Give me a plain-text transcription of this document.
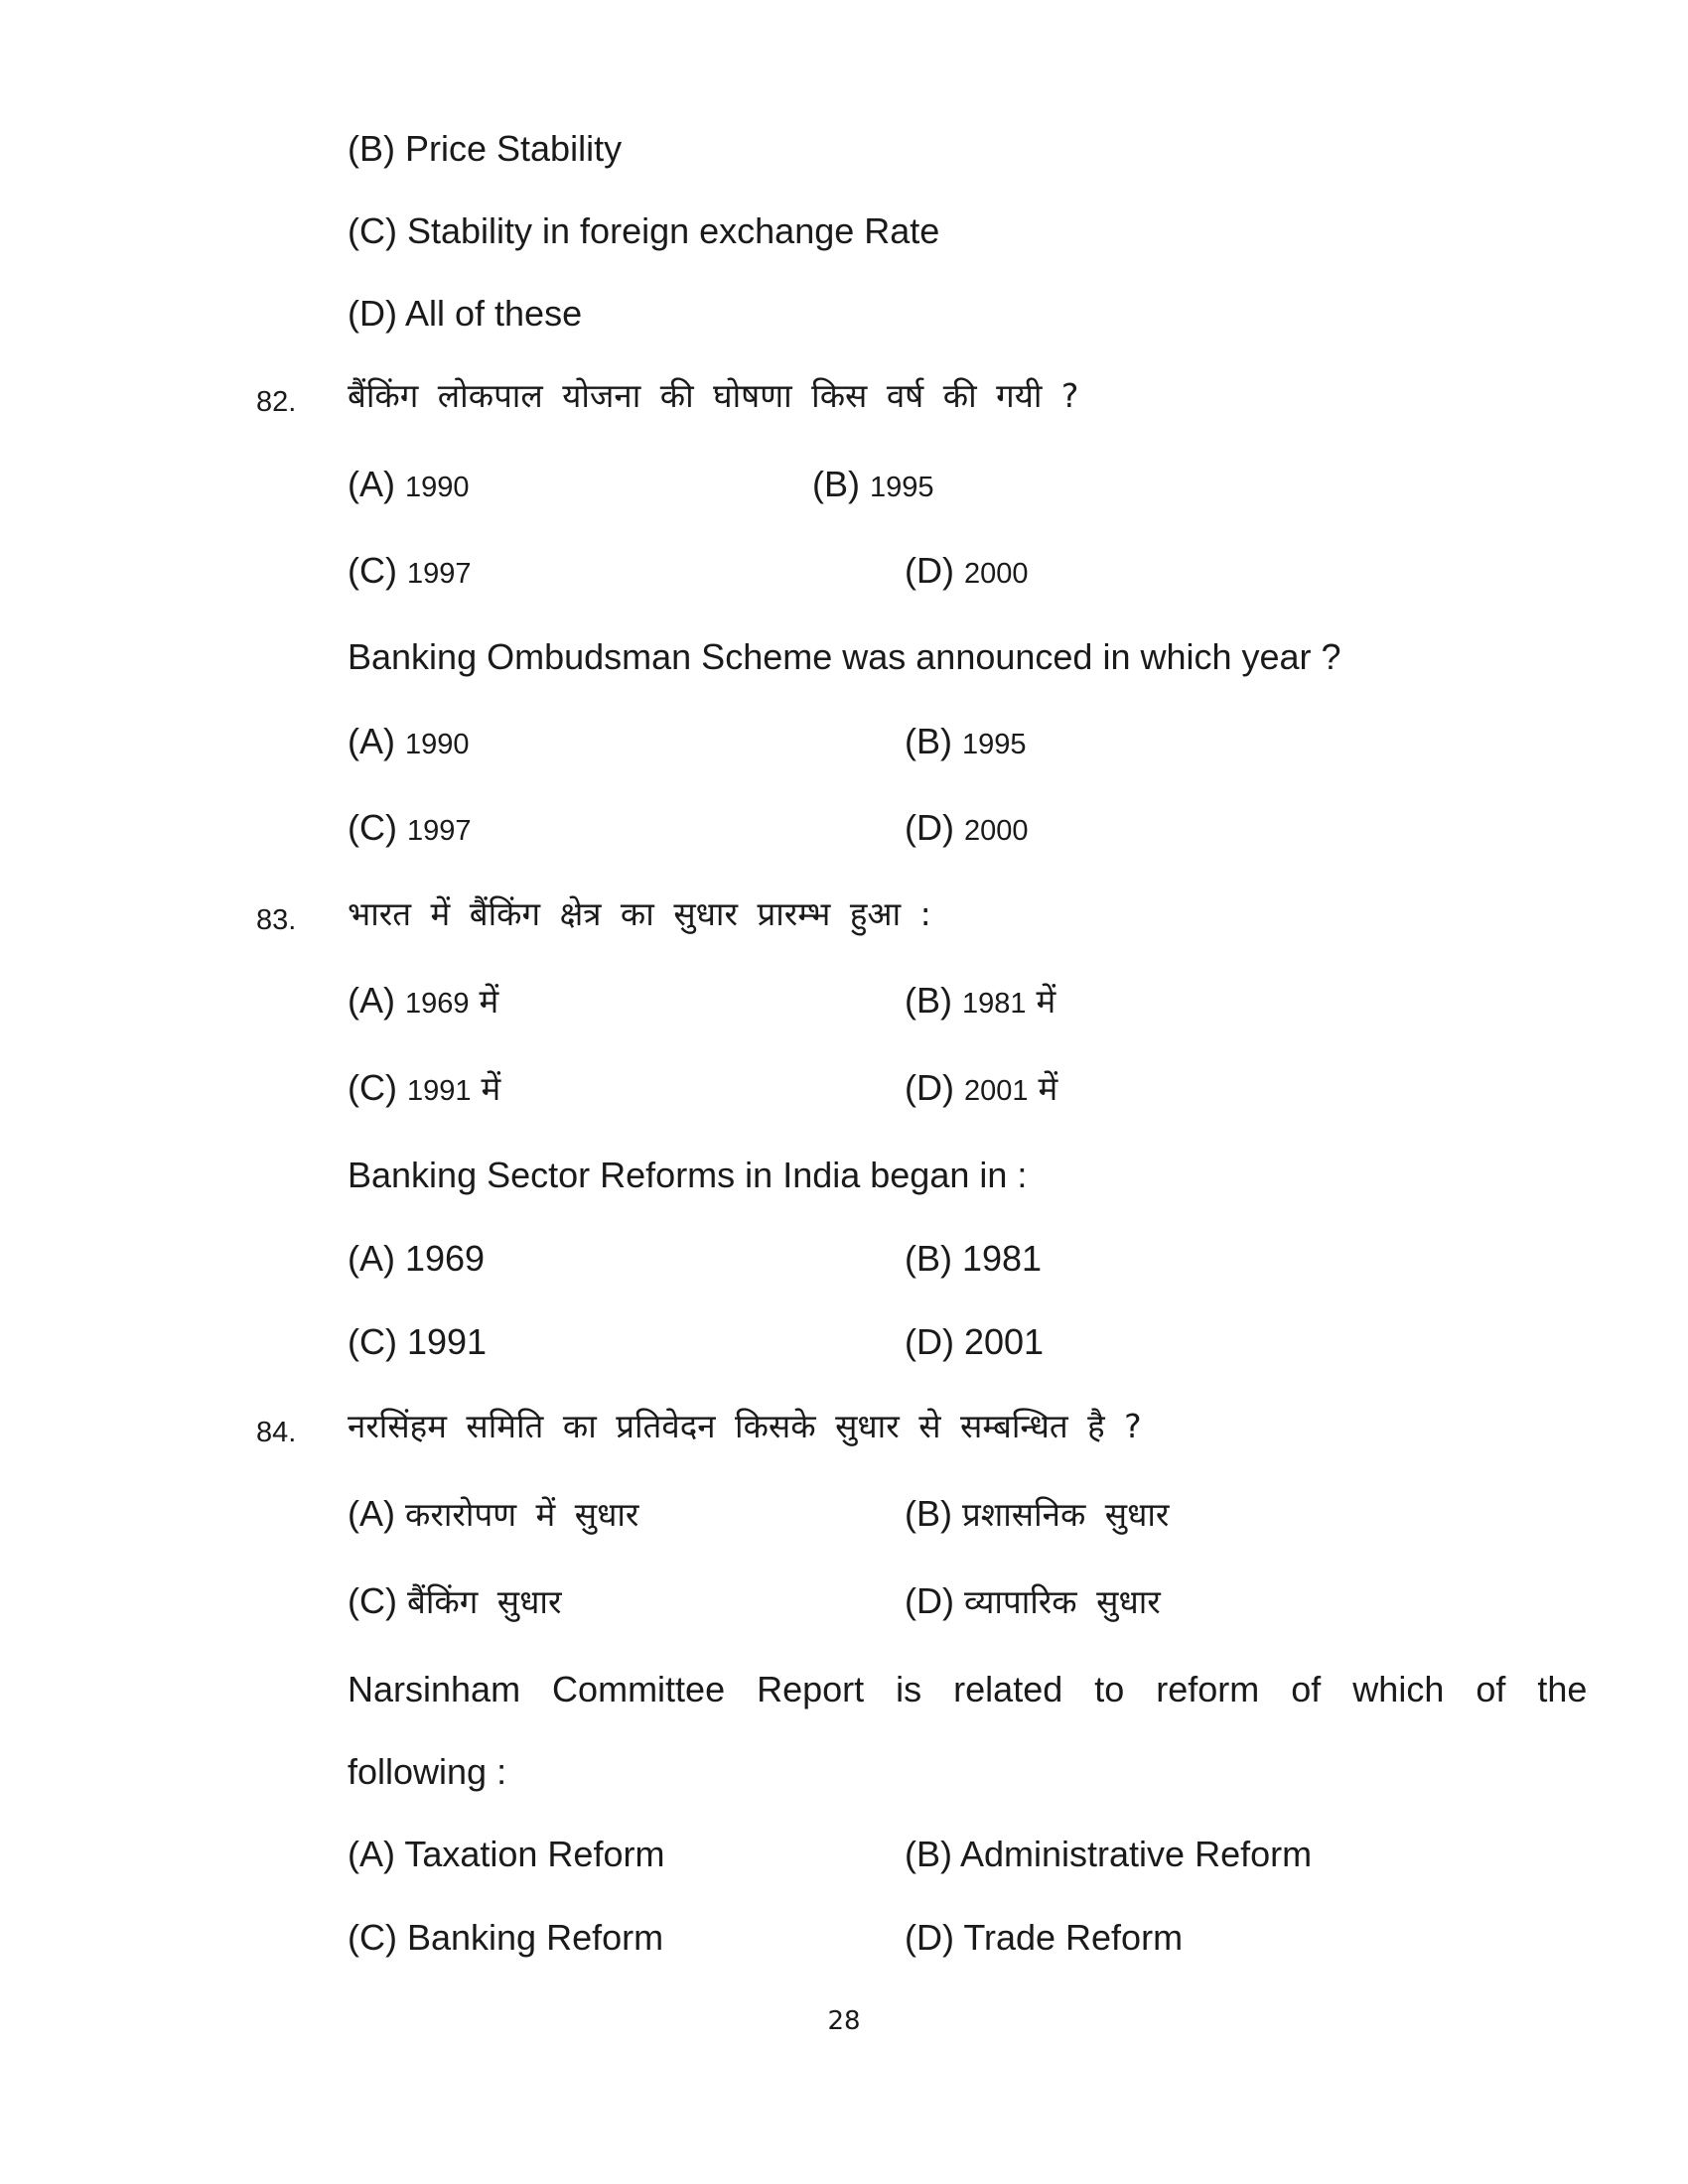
(B) Price Stability
(C) Stability in foreign exchange Rate
(D) All of these
82. बैंकिंग लोकपाल योजना की घोषणा किस वर्ष की गयी ?
(A) 1990	(B) 1995
(C) 1997	(D) 2000
Banking Ombudsman Scheme was announced in which year ?
(A) 1990	(B) 1995
(C) 1997	(D) 2000
83. भारत में बैंकिंग क्षेत्र का सुधार प्रारम्भ हुआ :
(A) 1969 में	(B) 1981 में
(C) 1991 में	(D) 2001 में
Banking Sector Reforms in India began in :
(A) 1969	(B) 1981
(C) 1991	(D) 2001
84. नरसिंहम समिति का प्रतिवेदन किसके सुधार से सम्बन्धित है ?
(A) करारोपण में सुधार	(B) प्रशासनिक सुधार
(C) बैंकिंग सुधार	(D) व्यापारिक सुधार
Narsinham Committee Report is related to reform of which of the
following :
(A) Taxation Reform	(B) Administrative Reform
(C) Banking Reform	(D) Trade Reform
28
